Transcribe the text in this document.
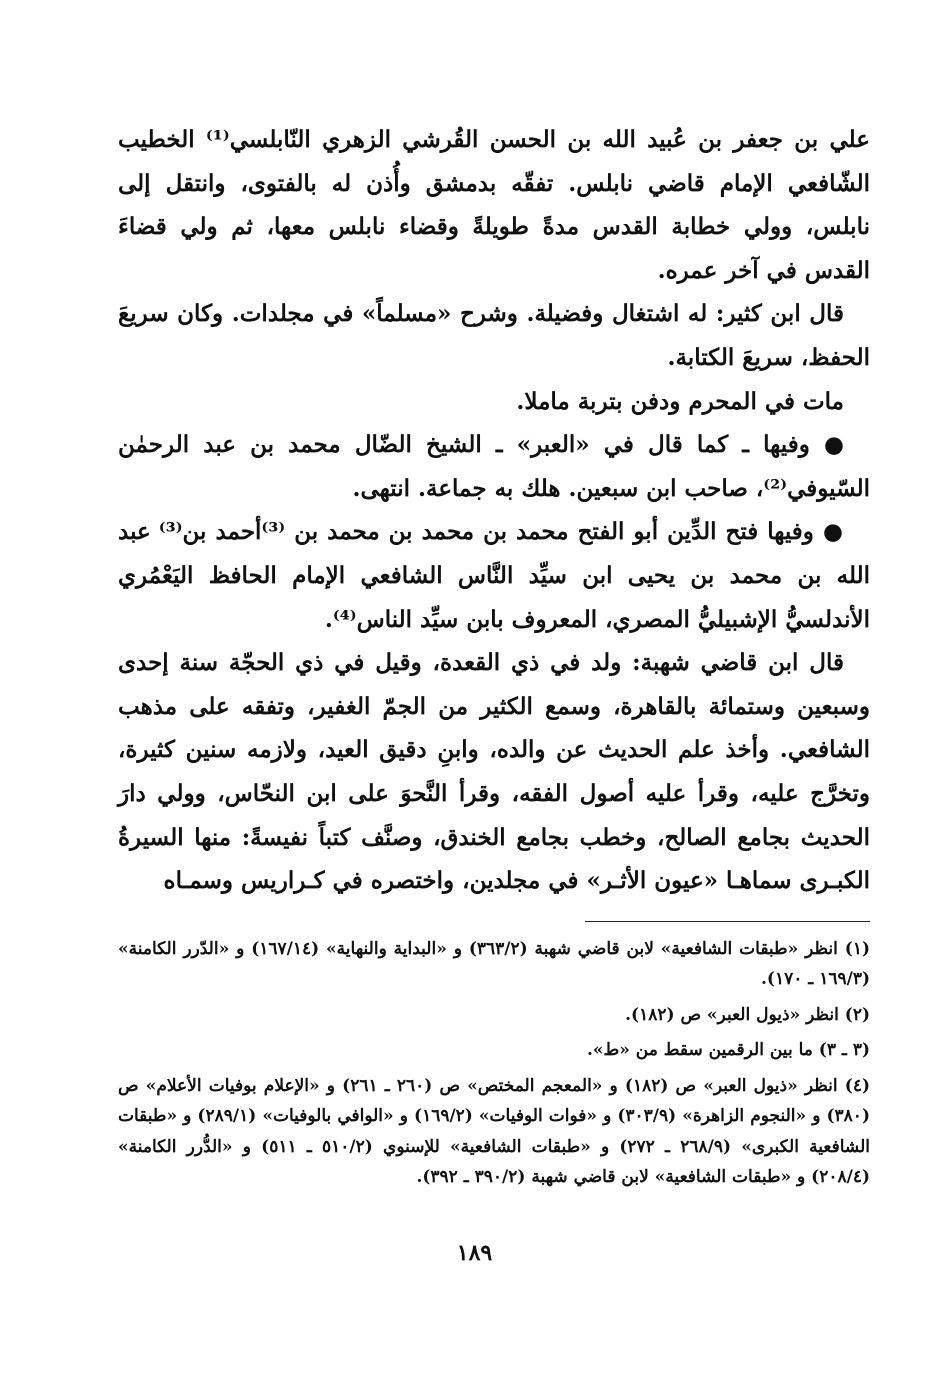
علي بن جعفر بن عُبيد الله بن الحسن القُرشي الزهري النّابلسي⁽¹⁾ الخطيب الشّافعي الإمام قاضي نابلس. تفقّه بدمشق وأُذن له بالفتوى، وانتقل إلى نابلس، وولي خطابة القدس مدةً طويلةً وقضاء نابلس معها، ثم ولي قضاءَ القدس في آخر عمره.

قال ابن كثير: له اشتغال وفضيلة. وشرح «مسلماً» في مجلدات. وكان سريعَ الحفظ، سريعَ الكتابة.

مات في المحرم ودفن بتربة ماملا.

● وفيها ـ كما قال في «العبر» ـ الشيخ الضّال محمد بن عبد الرحمٰن السّيوفي⁽²⁾، صاحب ابن سبعين. هلك به جماعة. انتهى.

● وفيها فتح الدِّين أبو الفتح محمد بن محمد بن محمد بن ⁽³⁾أحمد بن⁽³⁾ عبد الله بن محمد بن يحيى ابن سيِّد النَّاس الشافعي الإمام الحافظ اليَعْمُري الأندلسيُّ الإشبيليُّ المصري، المعروف بابن سيِّد الناس⁽⁴⁾.

قال ابن قاضي شهبة: ولد في ذي القعدة، وقيل في ذي الحجّة سنة إحدى وسبعين وستمائة بالقاهرة، وسمع الكثير من الجمّ الغفير، وتفقه على مذهب الشافعي. وأخذ علم الحديث عن والده، وابنِ دقيق العيد، ولازمه سنين كثيرة، وتخرَّج عليه، وقرأ عليه أصول الفقه، وقرأ النَّحوَ على ابن النحّاس، وولي دارَ الحديث بجامع الصالح، وخطب بجامع الخندق، وصنَّف كتباً نفيسةً: منها السيرةُ الكبـرى سماهـا «عيون الأثـر» في مجلدين، واختصره في كـراريس وسمـاه

(١) انظر «طبقات الشافعية» لابن قاضي شهبة (٣٦٣/٢) و «البداية والنهاية» (١٦٧/١٤) و «الدّرر الكامنة» (١٦٩/٣ ـ ١٧٠).

(٢) انظر «ذيول العبر» ص (١٨٢).

(٣ ـ ٣) ما بين الرقمين سقط من «ط».

(٤) انظر «ذيول العبر» ص (١٨٢) و «المعجم المختص» ص (٢٦٠ ـ ٢٦١) و «الإعلام بوفيات الأعلام» ص (٣٨٠) و «النجوم الزاهرة» (٣٠٣/٩) و «فوات الوفيات» (١٦٩/٢) و «الوافي بالوفيات» (٢٨٩/١) و «طبقات الشافعية الكبرى» (٢٦٨/٩ ـ ٢٧٢) و «طبقات الشافعية» للإسنوي (٥١٠/٢ ـ ٥١١) و «الدُّرر الكامنة» (٢٠٨/٤) و «طبقات الشافعية» لابن قاضي شهبة (٣٩٠/٢ ـ ٣٩٢).

١٨٩
